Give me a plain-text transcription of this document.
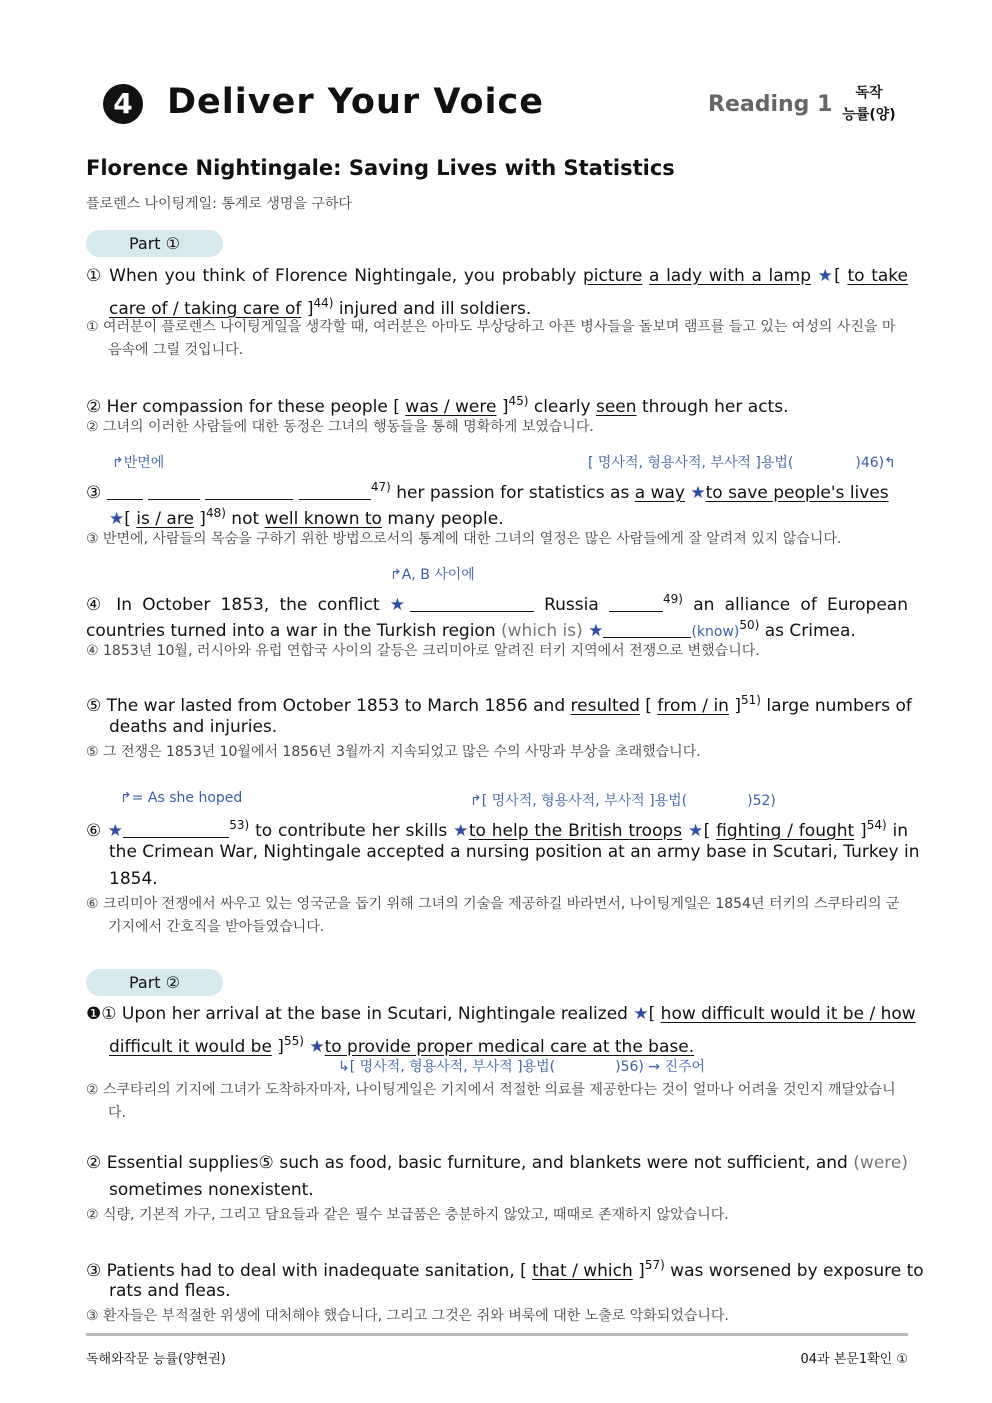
4 Deliver Your Voice	Reading 1	독작
능률(양)
Florence Nightingale: Saving Lives with Statistics
플로렌스 나이팅게일: 통계로 생명을 구하다
Part ①
① When you think of Florence Nightingale, you probably picture a lady with a lamp ★[ to take
care of / taking care of ]$^{44)}$ injured and ill soldiers.
① 여러분이 플로렌스 나이팅게일을 생각할 때, 여러분은 아마도 부상당하고 아픈 병사들을 돌보며 램프를 들고 있는 여성의 사진을 마음속에 그릴 것입니다.
② Her compassion for these people [ was / were ]$^{45)}$ clearly seen through her acts.
② 그녀의 이러한 사람들에 대한 동정은 그녀의 행동들을 통해 명확하게 보였습니다.
↱반면에	[ 명사적, 형용사적, 부사적 ]용법(	)46)↰
③	$^{47)}$ her passion for statistics as a way ★to save people's lives
★[ is / are ]$^{48)}$ not well known to many people.
③ 반면에, 사람들의 목숨을 구하기 위한 방법으로서의 통계에 대한 그녀의 열정은 많은 사람들에게 잘 알려져 있지 않습니다.
↱A, B 사이에
④ In October 1853, the conflict ★	Russia	$^{49)}$ an alliance of European
countries turned into a war in the Turkish region (which is) ★	(know)$^{50)}$ as Crimea.
④ 1853년 10월, 러시아와 유럽 연합국 사이의 갈등은 크리미아로 알려진 터키 지역에서 전쟁으로 변했습니다.
⑤ The war lasted from October 1853 to March 1856 and resulted [ from / in ]$^{51)}$ large numbers of
deaths and injuries.
⑤ 그 전쟁은 1853년 10월에서 1856년 3월까지 지속되었고 많은 수의 사망과 부상을 초래했습니다.
↱= As she hoped	↱[ 명사적, 형용사적, 부사적 ]용법(	)52)
⑥ ★	$^{53)}$ to contribute her skills ★to help the British troops ★[ fighting / fought ]$^{54)}$ in
the Crimean War, Nightingale accepted a nursing position at an army base in Scutari, Turkey in
1854.
⑥ 크리미아 전쟁에서 싸우고 있는 영국군을 돕기 위해 그녀의 기술을 제공하길 바라면서, 나이팅게일은 1854년 터키의 스쿠타리의 군 기지에서 간호직을 받아들였습니다.
Part ②
❶① Upon her arrival at the base in Scutari, Nightingale realized ★[ how difficult would it be / how
difficult it would be ]$^{55)}$ ★to provide proper medical care at the base.
↳[ 명사적, 형용사적, 부사적 ]용법(	)56) → 진주어
② 스쿠타리의 기지에 그녀가 도착하자마자, 나이팅게일은 기지에서 적절한 의료를 제공한다는 것이 얼마나 어려울 것인지 깨달았습니다.
② Essential supplies⑤ such as food, basic furniture, and blankets were not sufficient, and (were)
sometimes nonexistent.
② 식량, 기본적 가구, 그리고 담요들과 같은 필수 보급품은 충분하지 않았고, 때때로 존재하지 않았습니다.
③ Patients had to deal with inadequate sanitation, [ that / which ]$^{57)}$ was worsened by exposure to
rats and fleas.
③ 환자들은 부적절한 위생에 대처해야 했습니다, 그리고 그것은 쥐와 벼룩에 대한 노출로 악화되었습니다.
독해와작문 능률(양현권)	04과 본문1확인 ①
